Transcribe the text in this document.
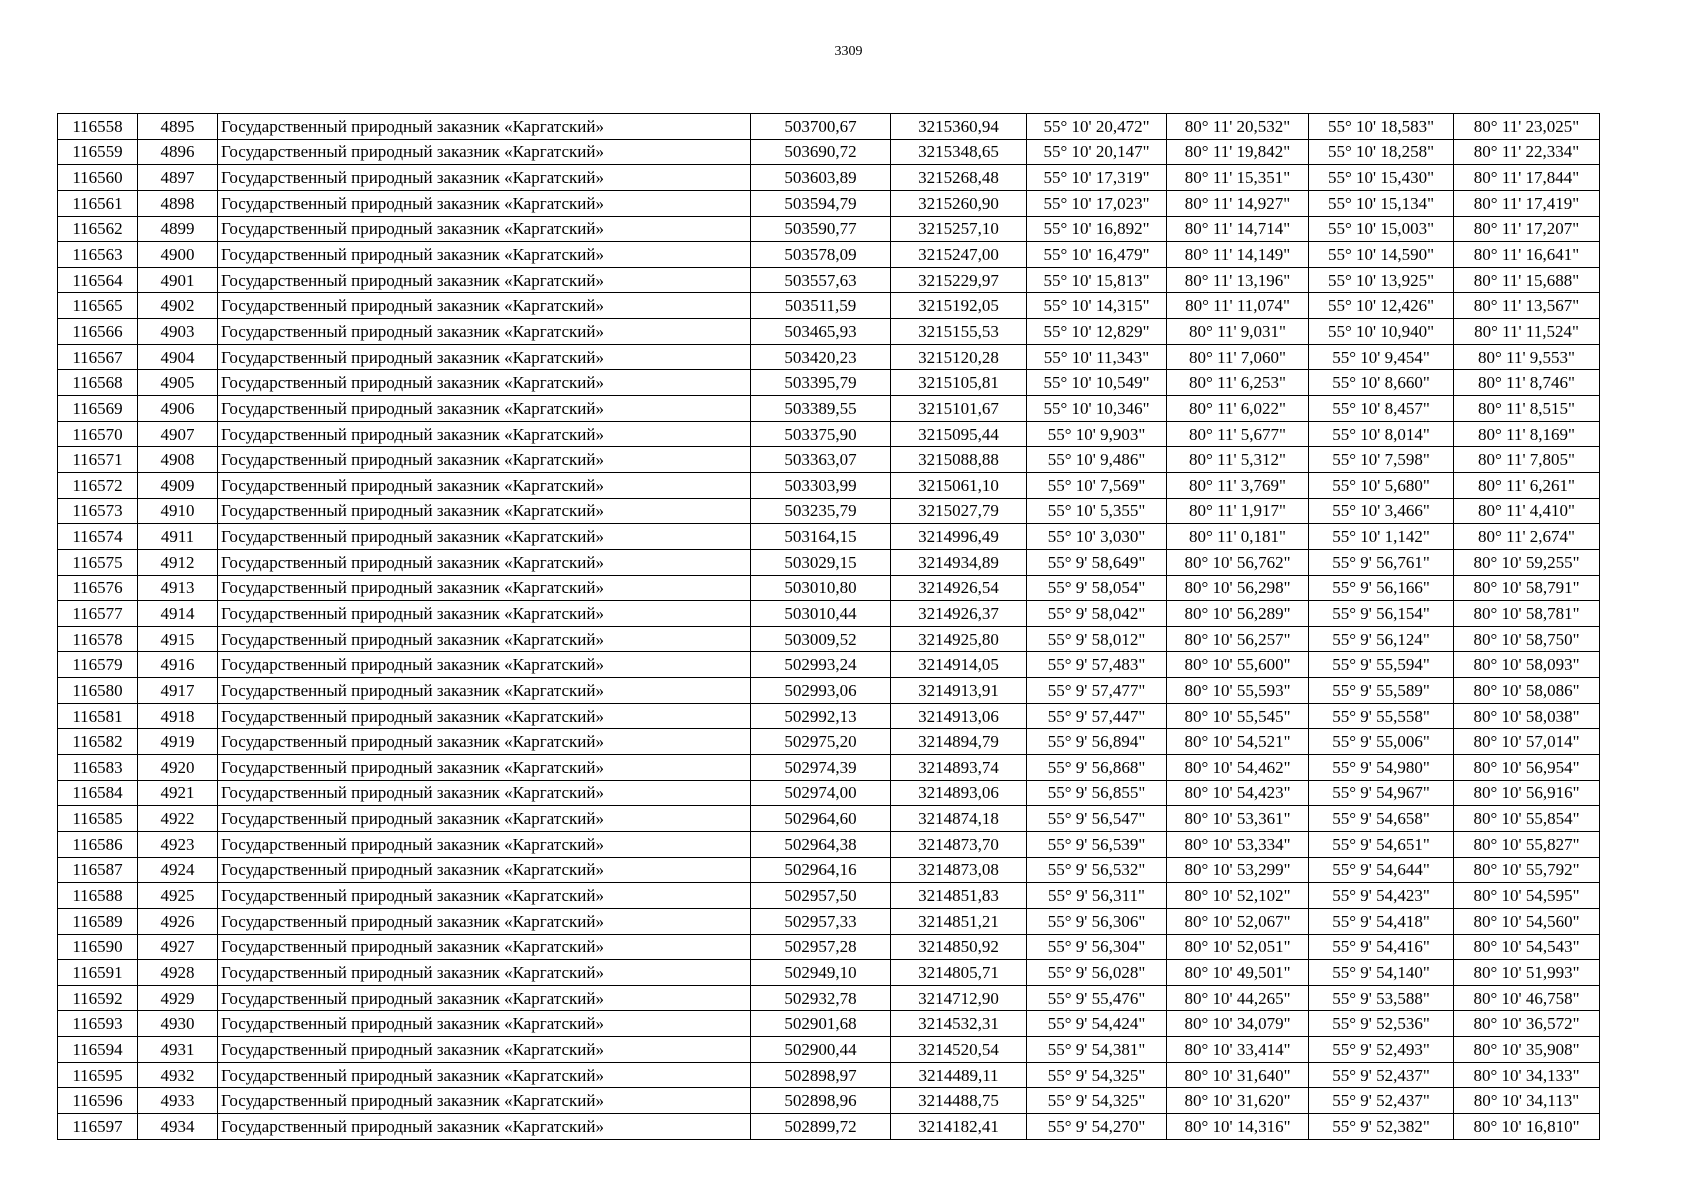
3309
116558	4895	Государственный природный заказник «Каргатский»	503700,67	3215360,94	55° 10' 20,472"	80° 11' 20,532"	55° 10' 18,583"	80° 11' 23,025"
116559	4896	Государственный природный заказник «Каргатский»	503690,72	3215348,65	55° 10' 20,147"	80° 11' 19,842"	55° 10' 18,258"	80° 11' 22,334"
116560	4897	Государственный природный заказник «Каргатский»	503603,89	3215268,48	55° 10' 17,319"	80° 11' 15,351"	55° 10' 15,430"	80° 11' 17,844"
116561	4898	Государственный природный заказник «Каргатский»	503594,79	3215260,90	55° 10' 17,023"	80° 11' 14,927"	55° 10' 15,134"	80° 11' 17,419"
116562	4899	Государственный природный заказник «Каргатский»	503590,77	3215257,10	55° 10' 16,892"	80° 11' 14,714"	55° 10' 15,003"	80° 11' 17,207"
116563	4900	Государственный природный заказник «Каргатский»	503578,09	3215247,00	55° 10' 16,479"	80° 11' 14,149"	55° 10' 14,590"	80° 11' 16,641"
116564	4901	Государственный природный заказник «Каргатский»	503557,63	3215229,97	55° 10' 15,813"	80° 11' 13,196"	55° 10' 13,925"	80° 11' 15,688"
116565	4902	Государственный природный заказник «Каргатский»	503511,59	3215192,05	55° 10' 14,315"	80° 11' 11,074"	55° 10' 12,426"	80° 11' 13,567"
116566	4903	Государственный природный заказник «Каргатский»	503465,93	3215155,53	55° 10' 12,829"	80° 11' 9,031"	55° 10' 10,940"	80° 11' 11,524"
116567	4904	Государственный природный заказник «Каргатский»	503420,23	3215120,28	55° 10' 11,343"	80° 11' 7,060"	55° 10' 9,454"	80° 11' 9,553"
116568	4905	Государственный природный заказник «Каргатский»	503395,79	3215105,81	55° 10' 10,549"	80° 11' 6,253"	55° 10' 8,660"	80° 11' 8,746"
116569	4906	Государственный природный заказник «Каргатский»	503389,55	3215101,67	55° 10' 10,346"	80° 11' 6,022"	55° 10' 8,457"	80° 11' 8,515"
116570	4907	Государственный природный заказник «Каргатский»	503375,90	3215095,44	55° 10' 9,903"	80° 11' 5,677"	55° 10' 8,014"	80° 11' 8,169"
116571	4908	Государственный природный заказник «Каргатский»	503363,07	3215088,88	55° 10' 9,486"	80° 11' 5,312"	55° 10' 7,598"	80° 11' 7,805"
116572	4909	Государственный природный заказник «Каргатский»	503303,99	3215061,10	55° 10' 7,569"	80° 11' 3,769"	55° 10' 5,680"	80° 11' 6,261"
116573	4910	Государственный природный заказник «Каргатский»	503235,79	3215027,79	55° 10' 5,355"	80° 11' 1,917"	55° 10' 3,466"	80° 11' 4,410"
116574	4911	Государственный природный заказник «Каргатский»	503164,15	3214996,49	55° 10' 3,030"	80° 11' 0,181"	55° 10' 1,142"	80° 11' 2,674"
116575	4912	Государственный природный заказник «Каргатский»	503029,15	3214934,89	55° 9' 58,649"	80° 10' 56,762"	55° 9' 56,761"	80° 10' 59,255"
116576	4913	Государственный природный заказник «Каргатский»	503010,80	3214926,54	55° 9' 58,054"	80° 10' 56,298"	55° 9' 56,166"	80° 10' 58,791"
116577	4914	Государственный природный заказник «Каргатский»	503010,44	3214926,37	55° 9' 58,042"	80° 10' 56,289"	55° 9' 56,154"	80° 10' 58,781"
116578	4915	Государственный природный заказник «Каргатский»	503009,52	3214925,80	55° 9' 58,012"	80° 10' 56,257"	55° 9' 56,124"	80° 10' 58,750"
116579	4916	Государственный природный заказник «Каргатский»	502993,24	3214914,05	55° 9' 57,483"	80° 10' 55,600"	55° 9' 55,594"	80° 10' 58,093"
116580	4917	Государственный природный заказник «Каргатский»	502993,06	3214913,91	55° 9' 57,477"	80° 10' 55,593"	55° 9' 55,589"	80° 10' 58,086"
116581	4918	Государственный природный заказник «Каргатский»	502992,13	3214913,06	55° 9' 57,447"	80° 10' 55,545"	55° 9' 55,558"	80° 10' 58,038"
116582	4919	Государственный природный заказник «Каргатский»	502975,20	3214894,79	55° 9' 56,894"	80° 10' 54,521"	55° 9' 55,006"	80° 10' 57,014"
116583	4920	Государственный природный заказник «Каргатский»	502974,39	3214893,74	55° 9' 56,868"	80° 10' 54,462"	55° 9' 54,980"	80° 10' 56,954"
116584	4921	Государственный природный заказник «Каргатский»	502974,00	3214893,06	55° 9' 56,855"	80° 10' 54,423"	55° 9' 54,967"	80° 10' 56,916"
116585	4922	Государственный природный заказник «Каргатский»	502964,60	3214874,18	55° 9' 56,547"	80° 10' 53,361"	55° 9' 54,658"	80° 10' 55,854"
116586	4923	Государственный природный заказник «Каргатский»	502964,38	3214873,70	55° 9' 56,539"	80° 10' 53,334"	55° 9' 54,651"	80° 10' 55,827"
116587	4924	Государственный природный заказник «Каргатский»	502964,16	3214873,08	55° 9' 56,532"	80° 10' 53,299"	55° 9' 54,644"	80° 10' 55,792"
116588	4925	Государственный природный заказник «Каргатский»	502957,50	3214851,83	55° 9' 56,311"	80° 10' 52,102"	55° 9' 54,423"	80° 10' 54,595"
116589	4926	Государственный природный заказник «Каргатский»	502957,33	3214851,21	55° 9' 56,306"	80° 10' 52,067"	55° 9' 54,418"	80° 10' 54,560"
116590	4927	Государственный природный заказник «Каргатский»	502957,28	3214850,92	55° 9' 56,304"	80° 10' 52,051"	55° 9' 54,416"	80° 10' 54,543"
116591	4928	Государственный природный заказник «Каргатский»	502949,10	3214805,71	55° 9' 56,028"	80° 10' 49,501"	55° 9' 54,140"	80° 10' 51,993"
116592	4929	Государственный природный заказник «Каргатский»	502932,78	3214712,90	55° 9' 55,476"	80° 10' 44,265"	55° 9' 53,588"	80° 10' 46,758"
116593	4930	Государственный природный заказник «Каргатский»	502901,68	3214532,31	55° 9' 54,424"	80° 10' 34,079"	55° 9' 52,536"	80° 10' 36,572"
116594	4931	Государственный природный заказник «Каргатский»	502900,44	3214520,54	55° 9' 54,381"	80° 10' 33,414"	55° 9' 52,493"	80° 10' 35,908"
116595	4932	Государственный природный заказник «Каргатский»	502898,97	3214489,11	55° 9' 54,325"	80° 10' 31,640"	55° 9' 52,437"	80° 10' 34,133"
116596	4933	Государственный природный заказник «Каргатский»	502898,96	3214488,75	55° 9' 54,325"	80° 10' 31,620"	55° 9' 52,437"	80° 10' 34,113"
116597	4934	Государственный природный заказник «Каргатский»	502899,72	3214182,41	55° 9' 54,270"	80° 10' 14,316"	55° 9' 52,382"	80° 10' 16,810"
